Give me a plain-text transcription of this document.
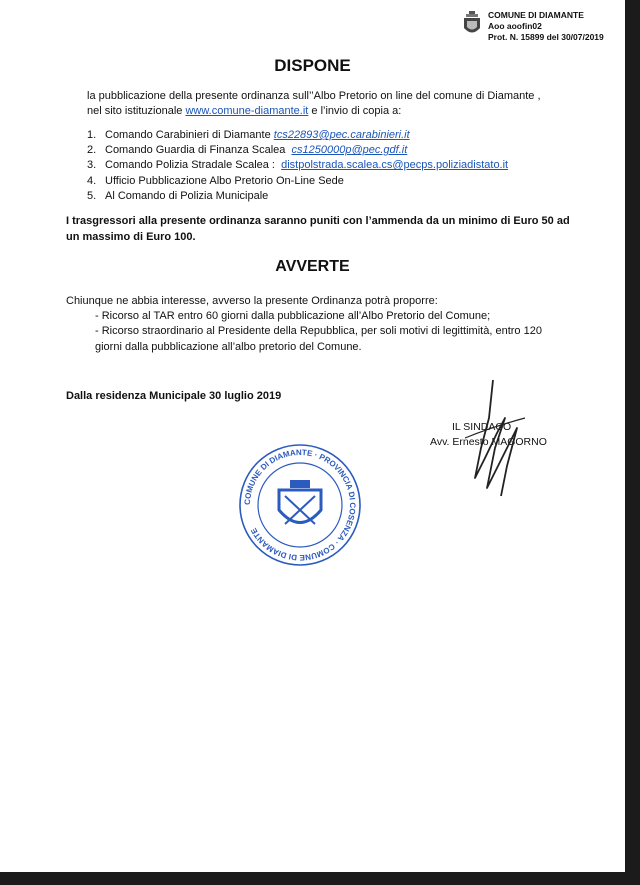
COMUNE DI DIAMANTE
Aoo aoofin02
Prot. N. 15899 del 30/07/2019
DISPONE
la pubblicazione della presente ordinanza sull’’Albo Pretorio on line del comune di Diamante ,
nel sito istituzionale www.comune-diamante.it e l’invio di copia a:
1. Comando Carabinieri di Diamante tcs22893@pec.carabinieri.it
2. Comando Guardia di Finanza Scalea cs1250000p@pec.gdf.it
3. Comando Polizia Stradale Scalea : distpolstrada.scalea.cs@pecps.poliziadistato.it
4. Ufficio Pubblicazione Albo Pretorio On-Line Sede
5. Al Comando di Polizia Municipale
I trasgressori alla presente ordinanza saranno puniti con l’ammenda da un minimo di Euro 50 ad
un massimo di Euro 100.
AVVERTE
Chiunque ne abbia interesse, avverso la presente Ordinanza potrà proporre:
- Ricorso al TAR entro 60 giorni dalla pubblicazione all’Albo Pretorio del Comune;
- Ricorso straordinario al Presidente della Repubblica, per soli motivi di legittimità, entro 120
giorni dalla pubblicazione all’albo pretorio del Comune.
Dalla residenza Municipale 30 luglio 2019
IL SINDACO
Avv. Ernesto MAGORNO
COMUNE DI DIAMANTE · PROVINCIA DI COSENZA · COMUNE DI DIAMANTE
